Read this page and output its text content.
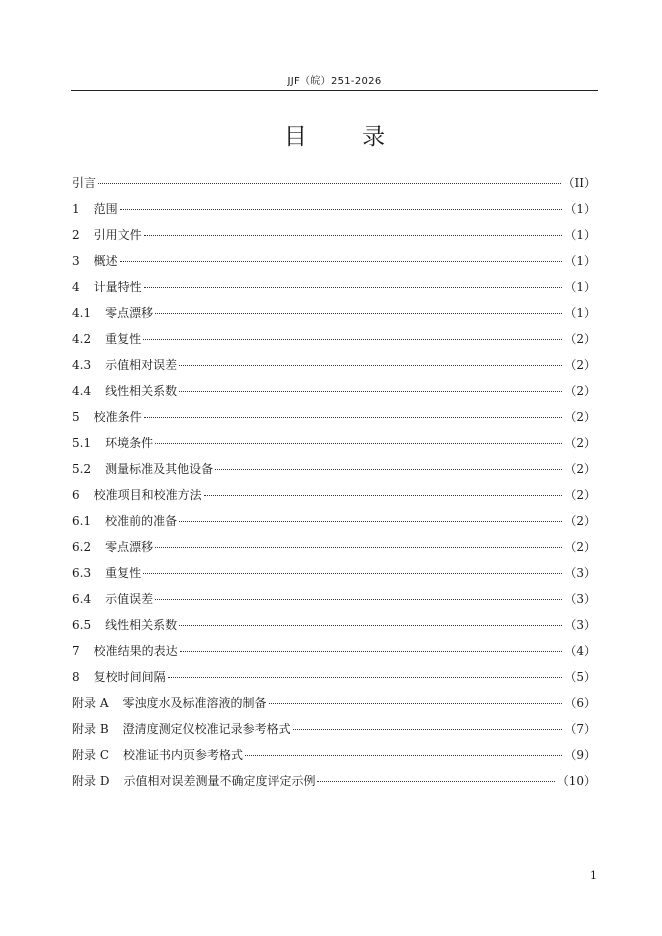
JJF（皖）251-2026
目 录
引言	（II）
1 范围	（1）
2 引用文件	（1）
3 概述	（1）
4 计量特性	（1）
4.1 零点漂移	（1）
4.2 重复性	（2）
4.3 示值相对误差	（2）
4.4 线性相关系数	（2）
5 校准条件	（2）
5.1 环境条件	（2）
5.2 测量标准及其他设备	（2）
6 校准项目和校准方法	（2）
6.1 校准前的准备	（2）
6.2 零点漂移	（2）
6.3 重复性	（3）
6.4 示值误差	（3）
6.5 线性相关系数	（3）
7 校准结果的表达	（4）
8 复校时间间隔	（5）
附录 A 零浊度水及标准溶液的制备	（6）
附录 B 澄清度测定仪校准记录参考格式	（7）
附录 C 校准证书内页参考格式	（9）
附录 D 示值相对误差测量不确定度评定示例	（10）
1
